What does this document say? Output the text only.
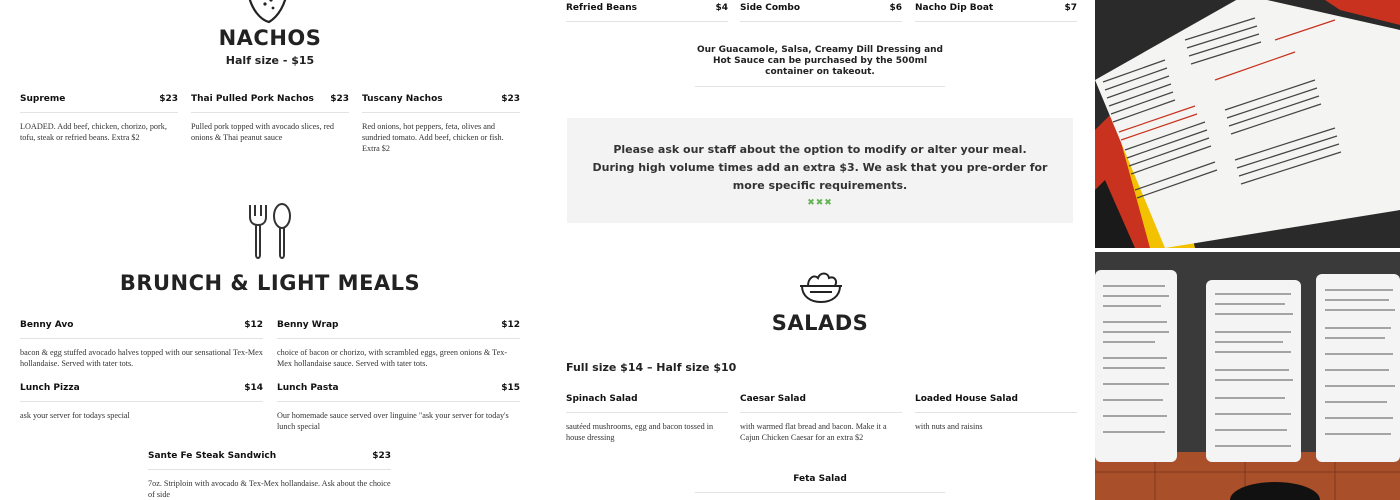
NACHOS
Half size - $15
Supreme	$23
LOADED. Add beef, chicken, chorizo, pork, tofu, steak or refried beans. Extra $2
Thai Pulled Pork Nachos $23
Pulled pork topped with avocado slices, red onions & Thai peanut sauce
Tuscany Nachos	$23
Red onions, hot peppers, feta, olives and sundried tomato. Add beef, chicken or fish. Extra $2
BRUNCH & LIGHT MEALS
Benny Avo	$12
bacon & egg stuffed avocado halves topped with our sensational Tex-Mex hollandaise. Served with tater tots.
Benny Wrap	$12
choice of bacon or chorizo, with scrambled eggs, green onions & Tex-Mex hollandaise sauce. Served with tater tots.
Lunch Pizza	$14
ask your server for todays special
Lunch Pasta	$15
Our homemade sauce served over linguine "ask your server for today's lunch special
Sante Fe Steak Sandwich	$23
7oz. Striploin with avocado & Tex-Mex hollandaise. Ask about the choice of side
Refried Beans	$4 Side Combo	$6 Nacho Dip Boat	$7
Our Guacamole, Salsa, Creamy Dill Dressing and Hot Sauce can be purchased by the 500ml container on takeout.
Please ask our staff about the option to modify or alter your meal. During high volume times add an extra $3. We ask that you pre-order for more specific requirements.
✖✖✖
SALADS
Full size $14 – Half size $10
Spinach Salad
sautéed mushrooms, egg and bacon tossed in house dressing
Caesar Salad
with warmed flat bread and bacon. Make it a Cajun Chicken Caesar for an extra $2
Loaded House Salad
with nuts and raisins
Feta Salad
